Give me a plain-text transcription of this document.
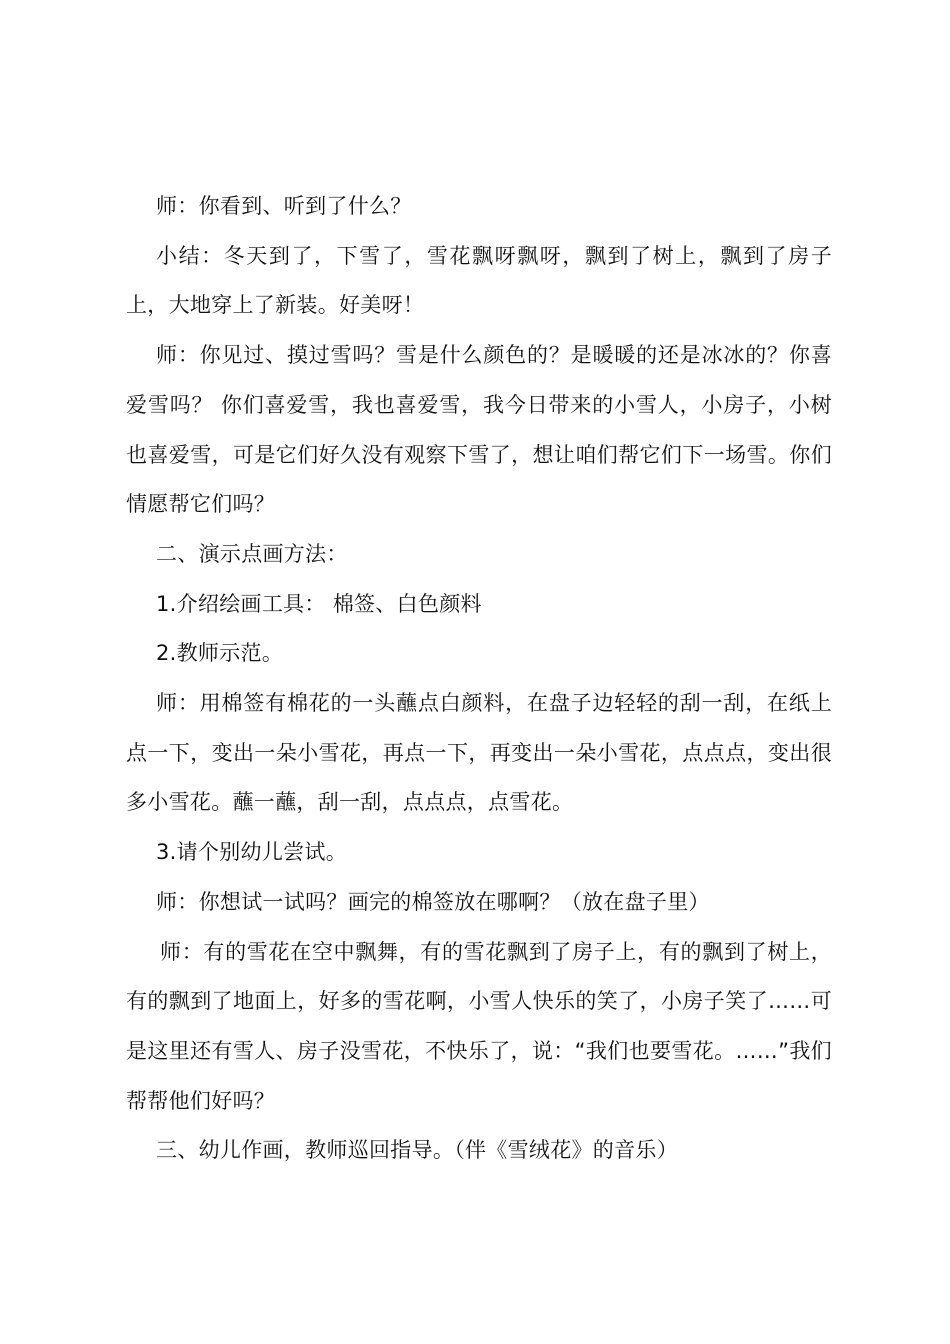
师：你看到、听到了什么？

小结：冬天到了，下雪了，雪花飘呀飘呀，飘到了树上，飘到了房子上，大地穿上了新装。好美呀！

师：你见过、摸过雪吗？雪是什么颜色的？是暖暖的还是冰冰的？你喜爱雪吗？ 你们喜爱雪，我也喜爱雪，我今日带来的小雪人，小房子，小树也喜爱雪，可是它们好久没有观察下雪了，想让咱们帮它们下一场雪。你们情愿帮它们吗？

二、演示点画方法：

1.介绍绘画工具： 棉签、白色颜料

2.教师示范。

师：用棉签有棉花的一头蘸点白颜料，在盘子边轻轻的刮一刮，在纸上点一下，变出一朵小雪花，再点一下，再变出一朵小雪花，点点点，变出很多小雪花。蘸一蘸，刮一刮，点点点，点雪花。

3.请个别幼儿尝试。

师：你想试一试吗？画完的棉签放在哪啊？（放在盘子里）

师：有的雪花在空中飘舞，有的雪花飘到了房子上，有的飘到了树上，有的飘到了地面上，好多的雪花啊，小雪人快乐的笑了，小房子笑了……可是这里还有雪人、房子没雪花，不快乐了，说：“我们也要雪花。……”我们帮帮他们好吗？

三、幼儿作画，教师巡回指导。（伴《雪绒花》的音乐）
